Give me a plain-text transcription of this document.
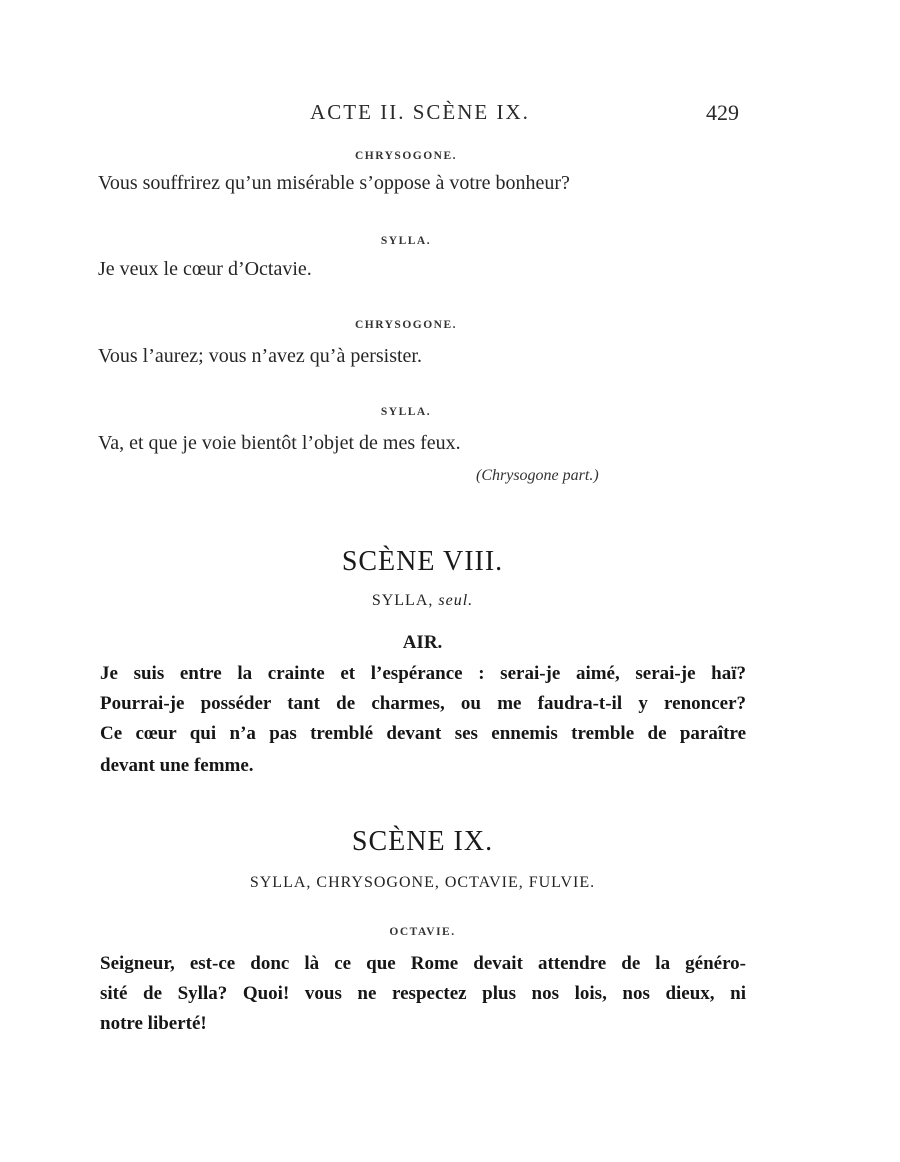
ACTE II. SCÈNE IX.	429
CHRYSOGONE.
Vous souffrirez qu’un misérable s’oppose à votre bonheur?
SYLLA.
Je veux le cœur d’Octavie.
CHRYSOGONE.
Vous l’aurez; vous n’avez qu’à persister.
SYLLA.
Va, et que je voie bientôt l’objet de mes feux.
(Chrysogone part.)
SCÈNE VIII.
SYLLA, seul.
AIR.
Je suis entre la crainte et l’espérance : serai-je aimé, serai-je haï?
Pourrai-je posséder tant de charmes, ou me faudra-t-il y renoncer?
Ce cœur qui n’a pas tremblé devant ses ennemis tremble de paraître
devant une femme.
SCÈNE IX.
SYLLA, CHRYSOGONE, OCTAVIE, FULVIE.
OCTAVIE.
Seigneur, est-ce donc là ce que Rome devait attendre de la généro-
sité de Sylla? Quoi! vous ne respectez plus nos lois, nos dieux, ni
notre liberté!
